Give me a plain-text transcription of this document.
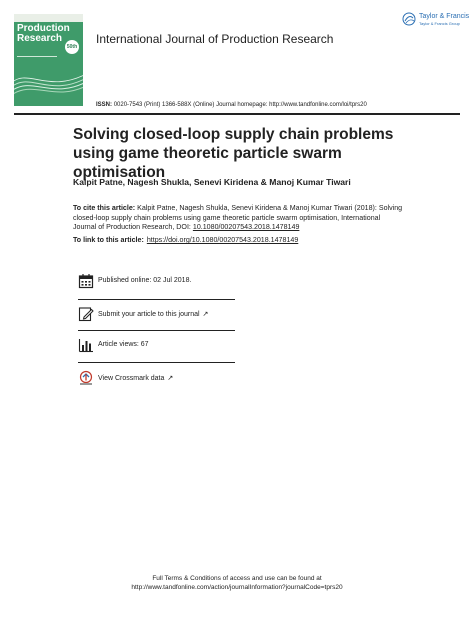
Production Research
50th
International Journal of Production Research
Taylor & Francis
Taylor & Francis Group
ISSN: 0020-7543 (Print) 1366-588X (Online) Journal homepage: http://www.tandfonline.com/loi/tprs20
Solving closed-loop supply chain problems using game theoretic particle swarm optimisation
Kalpit Patne, Nagesh Shukla, Senevi Kiridena & Manoj Kumar Tiwari
To cite this article: Kalpit Patne, Nagesh Shukla, Senevi Kiridena & Manoj Kumar Tiwari (2018): Solving closed-loop supply chain problems using game theoretic particle swarm optimisation, International Journal of Production Research, DOI: 10.1080/00207543.2018.1478149
To link to this article: https://doi.org/10.1080/00207543.2018.1478149
Published online: 02 Jul 2018.
Submit your article to this journal ↗
Article views: 67
View Crossmark data ↗
Full Terms & Conditions of access and use can be found at
http://www.tandfonline.com/action/journalInformation?journalCode=tprs20
